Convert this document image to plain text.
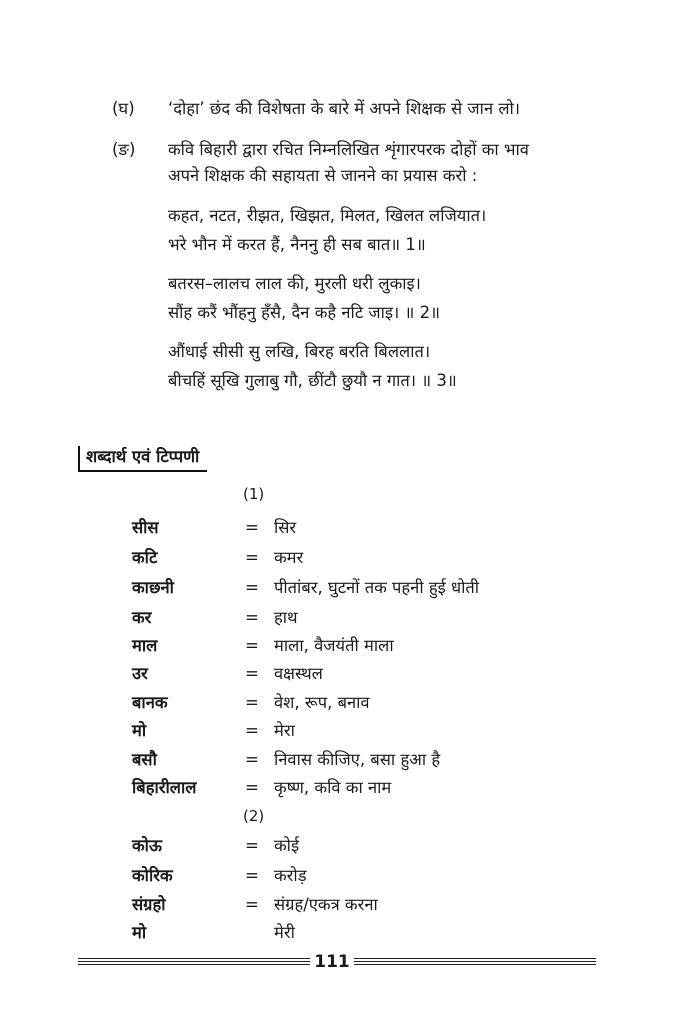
(घ)	‘दोहा’ छंद की विशेषता के बारे में अपने शिक्षक से जान लो।
(ङ)	कवि बिहारी द्वारा रचित निम्नलिखित शृंगारपरक दोहों का भाव
अपने शिक्षक की सहायता से जानने का प्रयास करो :
कहत, नटत, रीझत, खिझत, मिलत, खिलत लजियात।
भरे भौन में करत हैं, नैननु ही सब बात॥ 1॥
बतरस–लालच लाल की, मुरली धरी लुकाइ।
सौंह करैं भौंहनु हँसै, दैन कहै नटि जाइ। ॥ 2॥
औंधाई सीसी सु लखि, बिरह बरति बिललात।
बीचहिं सूखि गुलाबु गौ, छींटौ छुयौ न गात। ॥ 3॥
शब्दार्थ एवं टिप्पणी
(1)
सीस	= सिर
कटि	= कमर
काछनी	= पीतांबर, घुटनों तक पहनी हुई धोती
कर	= हाथ
माल	= माला, वैजयंती माला
उर	= वक्षस्थल
बानक	= वेश, रूप, बनाव
मो	= मेरा
बसौ	= निवास कीजिए, बसा हुआ है
बिहारीलाल	= कृष्ण, कवि का नाम
(2)
कोऊ	= कोई
कोरिक	= करोड़
संग्रहो	= संग्रह/एकत्र करना
मो	मेरी
111
